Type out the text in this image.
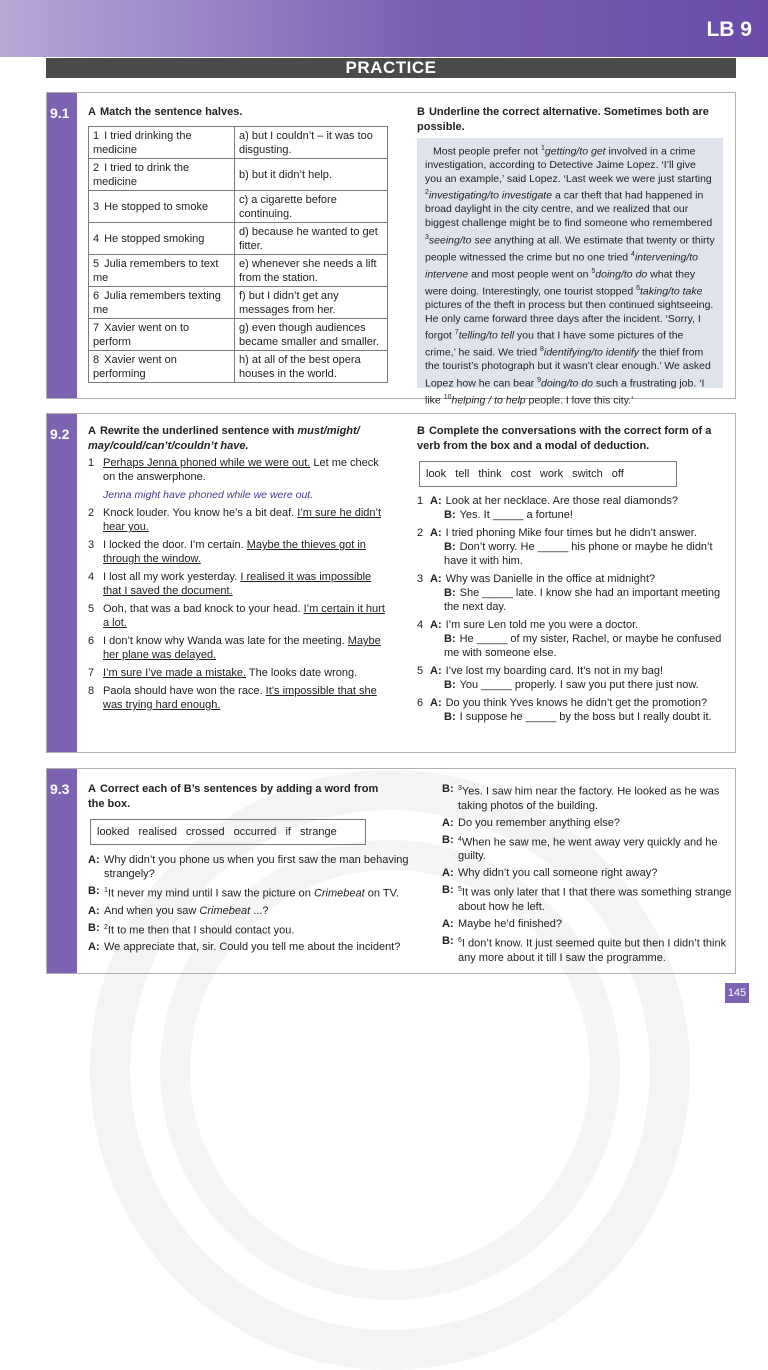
LB 9
PRACTICE
9.1 A Match the sentence halves.
1 I tried drinking the medicine	a) but I couldn’t – it was too disgusting.
2 I tried to drink the medicine	b) but it didn’t help.
3 He stopped to smoke	c) a cigarette before continuing.
4 He stopped smoking	d) because he wanted to get fitter.
5 Julia remembers to text me	e) whenever she needs a lift from the station.
6 Julia remembers texting me	f) but I didn’t get any messages from her.
7 Xavier went on to perform	g) even though audiences became smaller and smaller.
8 Xavier went on performing	h) at all of the best opera houses in the world.
B Underline the correct alternative. Sometimes both are possible.
Most people prefer not $^1$getting/to get involved in a crime investigation, according to Detective Jaime Lopez. ‘I’ll give you an example,’ said Lopez. ‘Last week we were just starting $^2$investigating/to investigate a car theft that had happened in broad daylight in the city centre, and we realized that our biggest challenge might be to find someone who remembered $^3$seeing/to see anything at all. We estimate that twenty or thirty people witnessed the crime but no one tried $^4$intervening/to intervene and most people went on $^5$doing/to do what they were doing. Interestingly, one tourist stopped $^6$taking/to take pictures of the theft in process but then continued sightseeing. He only came forward three days after the incident. ‘Sorry, I forgot $^7$telling/to tell you that I have some pictures of the crime,’ he said. We tried $^8$identifying/to identify the thief from the tourist’s photograph but it wasn’t clear enough.’ We asked Lopez how he can bear $^9$doing/to do such a frustrating job. ‘I like $^{10}$helping / to help people. I love this city.’
9.2 A Rewrite the underlined sentence with must/might/ may/could/can’t/couldn’t have.
1 Perhaps Jenna phoned while we were out. Let me check on the answerphone.
Jenna might have phoned while we were out.
2 Knock louder. You know he’s a bit deaf. I’m sure he didn’t hear you.
3 I locked the door. I’m certain. Maybe the thieves got in through the window.
4 I lost all my work yesterday. I realised it was impossible that I saved the document.
5 Ooh, that was a bad knock to your head. I’m certain it hurt a lot.
6 I don’t know why Wanda was late for the meeting. Maybe her plane was delayed.
7 I’m sure I’ve made a mistake. The looks date wrong.
8 Paola should have won the race. It’s impossible that she was trying hard enough.
B Complete the conversations with the correct form of a verb from the box and a modal of deduction.
look tell think cost work switch off
1 A: Look at her necklace. Are those real diamonds?
B: Yes. It _____ a fortune!
2 A: I tried phoning Mike four times but he didn’t answer.
B: Don’t worry. He _____ his phone or maybe he didn’t have it with him.
3 A: Why was Danielle in the office at midnight?
B: She _____ late. I know she had an important meeting the next day.
4 A: I’m sure Len told me you were a doctor.
B: He _____ of my sister, Rachel, or maybe he confused me with someone else.
5 A: I’ve lost my boarding card. It’s not in my bag!
B: You _____ properly. I saw you put there just now.
6 A: Do you think Yves knows he didn’t get the promotion?
B: I suppose he _____ by the boss but I really doubt it.
9.3 A Correct each of B’s sentences by adding a word from the box.
looked realised crossed occurred if strange
A: Why didn’t you phone us when you first saw the man behaving strangely?
B: $^1$It never my mind until I saw the picture on Crimebeat on TV.
A: And when you saw Crimebeat ...?
B: $^2$It to me then that I should contact you.
A: We appreciate that, sir. Could you tell me about the incident?
B: $^3$Yes. I saw him near the factory. He looked as he was taking photos of the building.
A: Do you remember anything else?
B: $^4$When he saw me, he went away very quickly and he guilty.
A: Why didn’t you call someone right away?
B: $^5$It was only later that I that there was something strange about how he left.
A: Maybe he’d finished?
B: $^6$I don’t know. It just seemed quite but then I didn’t think any more about it till I saw the programme.
145
